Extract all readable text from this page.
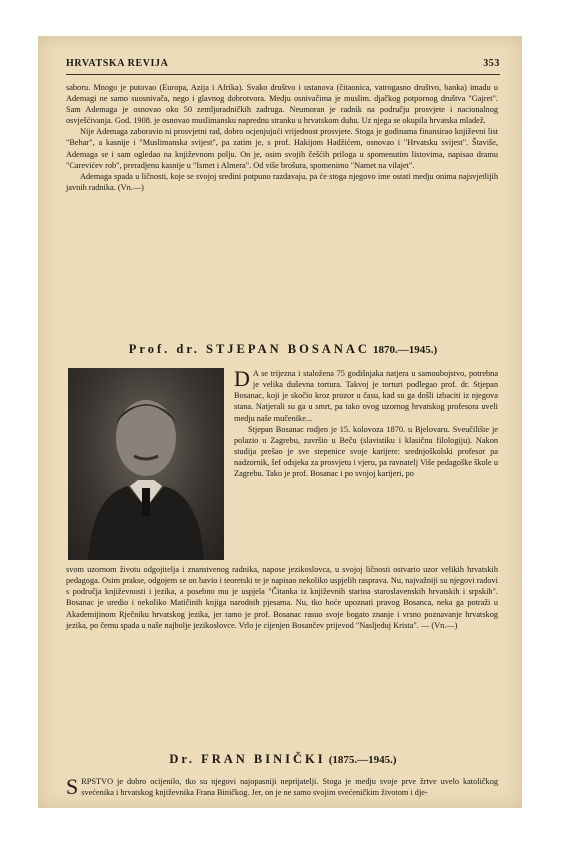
HRVATSKA REVIJA	353

saboru. Mnogo je putovao (Europa, Azija i Afrika). Svako društvo i ustanova (čitaonica, vatrogasno društvo, banka) imadu u Ademagi ne samo suosnivača, nego i glavnog dobrotvora. Medju osnivačima je muslim. djačkog potpornog društva "Gajret". Sam Ademaga je osnovao oko 50 zemljoradničkih zadruga. Neumoran je radnik na području prosvjete i nacionalnog osvješćivanja. God. 1908. je osnovao muslimansku naprednu stranku u hrvatskom duhu. Uz njega se okupila hrvatska mladež.

Nije Ademaga zaboravio ni prosvjetni rad, dobro ocjenjujući vrijednost prosvjete. Stoga je godinama finansirao književni list "Behar", a kasnije i "Muslimanska svijest", pa zatim je, s prof. Hakijom Hadžićem, osnovao i "Hrvatsku svijest". Štaviše, Ademaga se i sam ogledao na književnom polju. On je, osim svojih češćih priloga u spomenutim listovima, napisao dramu "Carevićev rob", preradjenu kasnije u "Ismet i Almera". Od više brošura, spomenimo "Namet na vilajet".

Ademaga spada u ličnosti, koje se svojoj sredini potpuno razdavaju, pa će stoga njegovo ime ostati medju onima najsvjetlijih javnih radnika. (Vn.—)

Prof. dr. STJEPAN BOSANAC 1870.—1945.)
D A se trijezna i staložena 75 godišnjaka natjera u samoubojstvo, potrebna je velika duševna tortura. Takvoj je torturi podlegao prof. dr. Stjepan Bosanac, koji je skočio kroz prozor u času, kad su ga došli izbaciti iz njegova stana. Natjerali su ga u smrt, pa tako ovog uzornog hrvatskog profesora uveli medju naše mučenike...

Stjepan Bosanac rodjen je 15. kolovoza 1870. u Bjelovaru. Sveučilište je polazio u Zagrebu, završio u Beču (slavistiku i klasičnu filologiju). Nakon studija prešao je sve stepenice svoje karijere: srednjoškolski profesor pa nadzornik, šef odsjeka za prosvjetu i vjeru, pa ravnatelj Više pedagoške škole u Zagrebu. Tako je prof. Bosanac i po svojoj karijeri, po

svom uzornom životu odgojitelja i znanstvenog radnika, napose jezikoslovca, u svojoj ličnosti ostvario uzor velikih hrvatskih pedagoga. Osim prakse, odgojem se on bavio i teoretski te je napisao nekoliko uspjelih rasprava. Nu, najvažniji su njegovi radovi s područja književnosti i jezika, a posebno mu je uspjela "Čitanka iz književnih starina staroslavenskih hrvatskih i srpskih". Bosanac je uredio i nekoliko Matičinih knjiga narodnih pjesama. Nu, tko hoće upoznati pravog Bosanca, neka ga potraži u Akademijinom Rječniku hrvatskog jezika, jer tamo je prof. Bosanac rasuo svoje bogato znanje i vrsno poznavanje hrvatskog jezika, po čemu spada u naše najbolje jezikoslovce. Vrlo je cijenjen Bosančev prijevod "Nasljeduj Krista". — (Vn.—)
Dr. FRAN BINIČKI (1875.—1945.)
S RPSTVO je dobro ocijenilo, tko su njegovi najopasniji neprijatelji. Stoga je medju svoje prve žrtve uvelo katoličkog svećenika i hrvatskog književnika Frana Biničkog. Jer, on je ne samo svojim svećeničkim životom i dje-
